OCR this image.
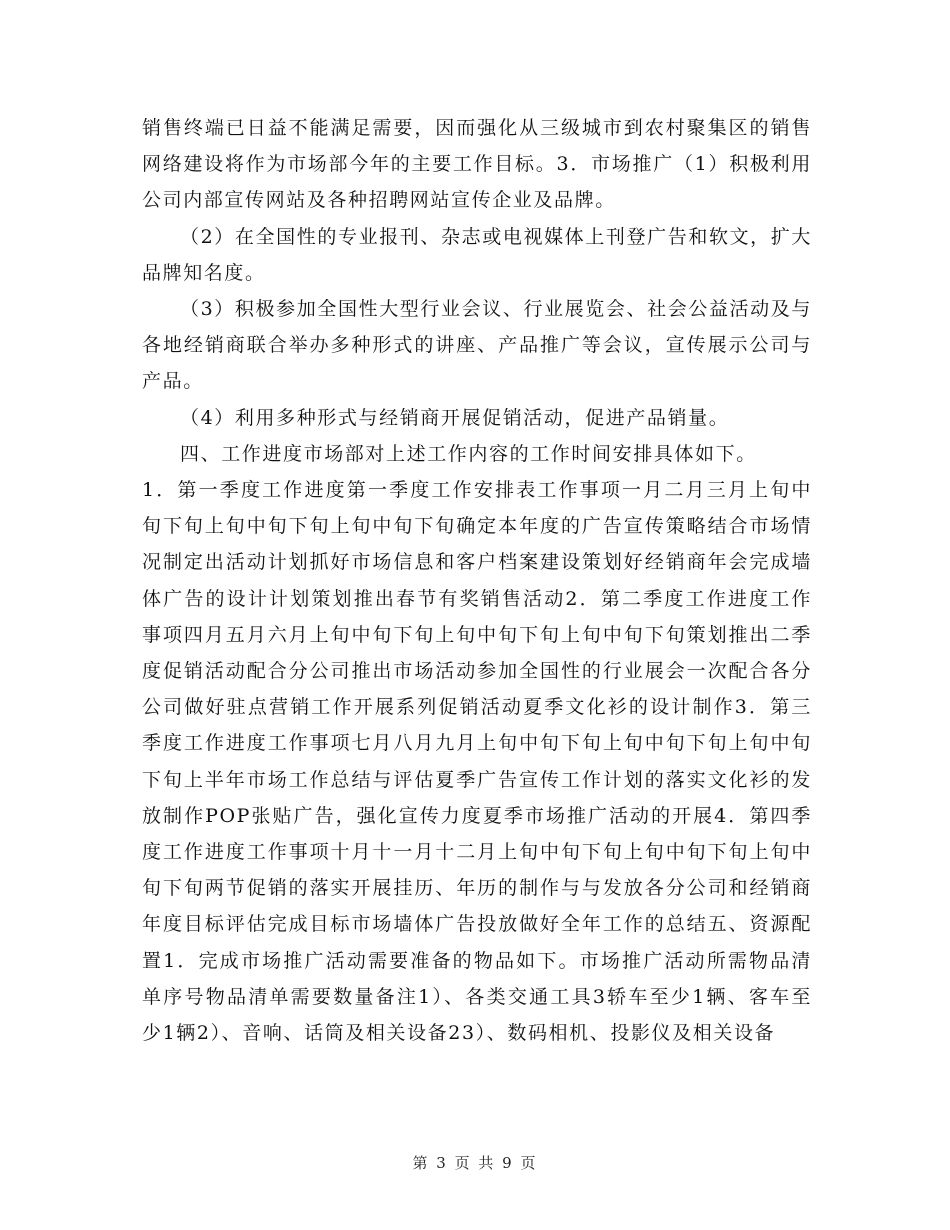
销售终端已日益不能满足需要，因而强化从三级城市到农村聚集区的销售网络建设将作为市场部今年的主要工作目标。3．市场推广（1）积极利用公司内部宣传网站及各种招聘网站宣传企业及品牌。

（2）在全国性的专业报刊、杂志或电视媒体上刊登广告和软文，扩大品牌知名度。

（3）积极参加全国性大型行业会议、行业展览会、社会公益活动及与各地经销商联合举办多种形式的讲座、产品推广等会议，宣传展示公司与产品。

（4）利用多种形式与经销商开展促销活动，促进产品销量。

四、工作进度市场部对上述工作内容的工作时间安排具体如下。

1．第一季度工作进度第一季度工作安排表工作事项一月二月三月上旬中旬下旬上旬中旬下旬上旬中旬下旬确定本年度的广告宣传策略结合市场情况制定出活动计划抓好市场信息和客户档案建设策划好经销商年会完成墙体广告的设计计划策划推出春节有奖销售活动2．第二季度工作进度工作事项四月五月六月上旬中旬下旬上旬中旬下旬上旬中旬下旬策划推出二季度促销活动配合分公司推出市场活动参加全国性的行业展会一次配合各分公司做好驻点营销工作开展系列促销活动夏季文化衫的设计制作3．第三季度工作进度工作事项七月八月九月上旬中旬下旬上旬中旬下旬上旬中旬下旬上半年市场工作总结与评估夏季广告宣传工作计划的落实文化衫的发放制作POP张贴广告，强化宣传力度夏季市场推广活动的开展4．第四季度工作进度工作事项十月十一月十二月上旬中旬下旬上旬中旬下旬上旬中旬下旬两节促销的落实开展挂历、年历的制作与与发放各分公司和经销商年度目标评估完成目标市场墙体广告投放做好全年工作的总结五、资源配置1．完成市场推广活动需要准备的物品如下。市场推广活动所需物品清单序号物品清单需要数量备注1）、各类交通工具3轿车至少1辆、客车至少1辆2）、音响、话筒及相关设备23）、数码相机、投影仪及相关设备

第 3 页 共 9 页
